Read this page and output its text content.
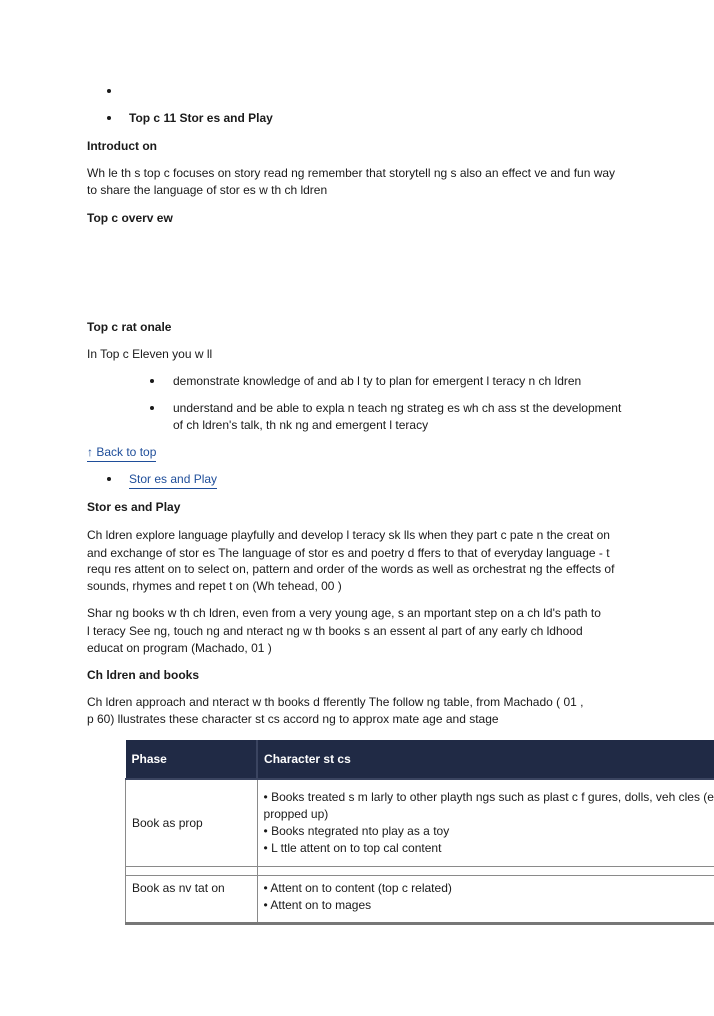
Top c 11 Stor es and Play
Introduct on
Wh le th s top c focuses on story read ng remember that storytell ng s also an effect ve and fun way
to share the language of stor es w th ch ldren
Top c overv ew
Top c rat onale
In Top c Eleven you w ll
demonstrate knowledge of and ab l ty to plan for emergent l teracy n ch ldren
understand and be able to expla n teach ng strateg es wh ch ass st the development
of ch ldren's talk, th nk ng and emergent l teracy
↑ Back to top
Stor es and Play
Stor es and Play
Ch ldren explore language playfully and develop l teracy sk lls when they part c pate n the creat on
and exchange of stor es The language of stor es and poetry d ffers to that of everyday language - t
requ res attent on to select on, pattern and order of the words as well as orchestrat ng the effects of
sounds, rhymes and repet t on (Wh tehead, 00 )
Shar ng books w th ch ldren, even from a very young age, s an mportant step on a ch ld's path to
l teracy See ng, touch ng and nteract ng w th books s an essent al part of any early ch ldhood
educat on program (Machado, 01 )
Ch ldren and books
Ch ldren approach and nteract w th books d fferently The follow ng table, from Machado ( 01 ,
p 60) llustrates these character st cs accord ng to approx mate age and stage
Phase	Character st cs
Book as prop	• Books treated s m larly to other playth ngs such as plast c f gures, dolls, veh cles (e
propped up)
• Books ntegrated nto play as a toy
• L ttle attent on to top cal content

Book as nv tat on	• Attent on to content (top c related)
• Attent on to mages
